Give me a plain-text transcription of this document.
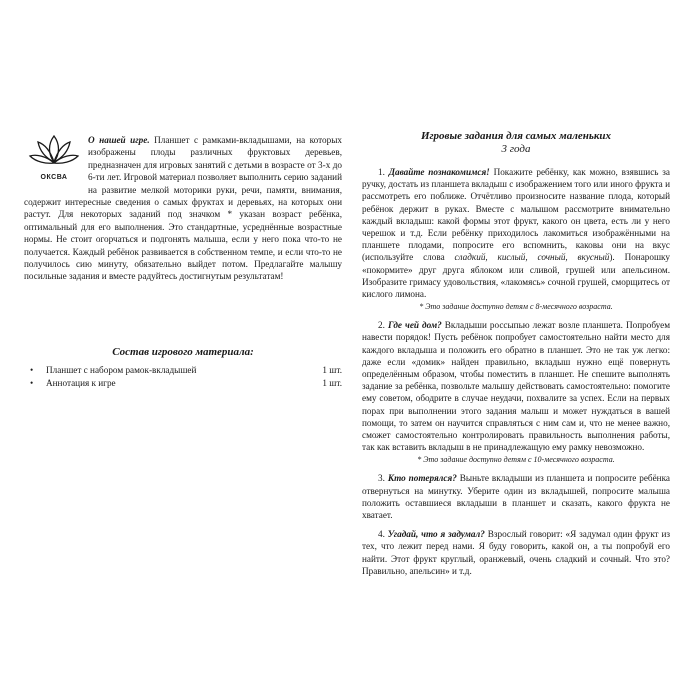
О нашей игре. Планшет с рамками-вкладышами, на которых изображены плоды различных фруктовых деревьев, предназначен для игровых занятий с детьми в возрасте от 3-х до 6-ти лет. Игровой материал позволяет выполнить серию заданий на развитие мелкой моторики руки, речи, памяти, внимания, содержит интересные сведения о самых фруктах и деревьях, на которых они растут. Для некоторых заданий под значком * указан возраст ребёнка, оптимальный для его выполнения. Это стандартные, усреднённые возрастные нормы. Не стоит огорчаться и подгонять малыша, если у него пока что-то не получается. Каждый ребёнок развивается в собственном темпе, и если что-то не получилось сию минуту, обязательно выйдет потом. Предлагайте малышу посильные задания и вместе радуйтесь достигнутым результатам!
ОКСВА
Состав игрового материала:
• Планшет с набором рамок-вкладышей	1 шт.
• Аннотация к игре	1 шт.
Игровые задания для самых маленьких
3 года
1. Давайте познакомимся! Покажите ребёнку, как можно, взявшись за ручку, достать из планшета вкладыш с изображением того или иного фрукта и рассмотреть его поближе. Отчётливо произносите название плода, который ребёнок держит в руках. Вместе с малышом рассмотрите внимательно каждый вкладыш: какой формы этот фрукт, какого он цвета, есть ли у него черешок и т.д. Если ребёнку приходилось лакомиться изображёнными на планшете плодами, попросите его вспомнить, каковы они на вкус (используйте слова сладкий, кислый, сочный, вкусный). Понарошку «покормите» друг друга яблоком или сливой, грушей или апельсином. Изобразите гримасу удовольствия, «лакомясь» сочной грушей, сморщитесь от кислого лимона.
* Это задание доступно детям с 8-месячного возраста.
2. Где чей дом? Вкладыши россыпью лежат возле планшета. Попробуем навести порядок! Пусть ребёнок попробует самостоятельно найти место для каждого вкладыша и положить его обратно в планшет. Это не так уж легко: даже если «домик» найден правильно, вкладыш нужно ещё повернуть определённым образом, чтобы поместить в планшет. Не спешите выполнять задание за ребёнка, позвольте малышу действовать самостоятельно: помогите ему советом, ободрите в случае неудачи, похвалите за успех. Если на первых порах при выполнении этого задания малыш и может нуждаться в вашей помощи, то затем он научится справляться с ним сам и, что не менее важно, сможет самостоятельно контролировать правильность выполнения работы, так как вставить вкладыш в не принадлежащую ему рамку невозможно.
* Это задание доступно детям с 10-месячного возраста.
3. Кто потерялся? Выньте вкладыши из планшета и попросите ребёнка отвернуться на минутку. Уберите один из вкладышей, попросите малыша положить оставшиеся вкладыши в планшет и сказать, какого фрукта не хватает.
4. Угадай, что я задумал? Взрослый говорит: «Я задумал один фрукт из тех, что лежит перед нами. Я буду говорить, какой он, а ты попробуй его найти. Этот фрукт круглый, оранжевый, очень сладкий и сочный. Что это? Правильно, апельсин» и т.д.
